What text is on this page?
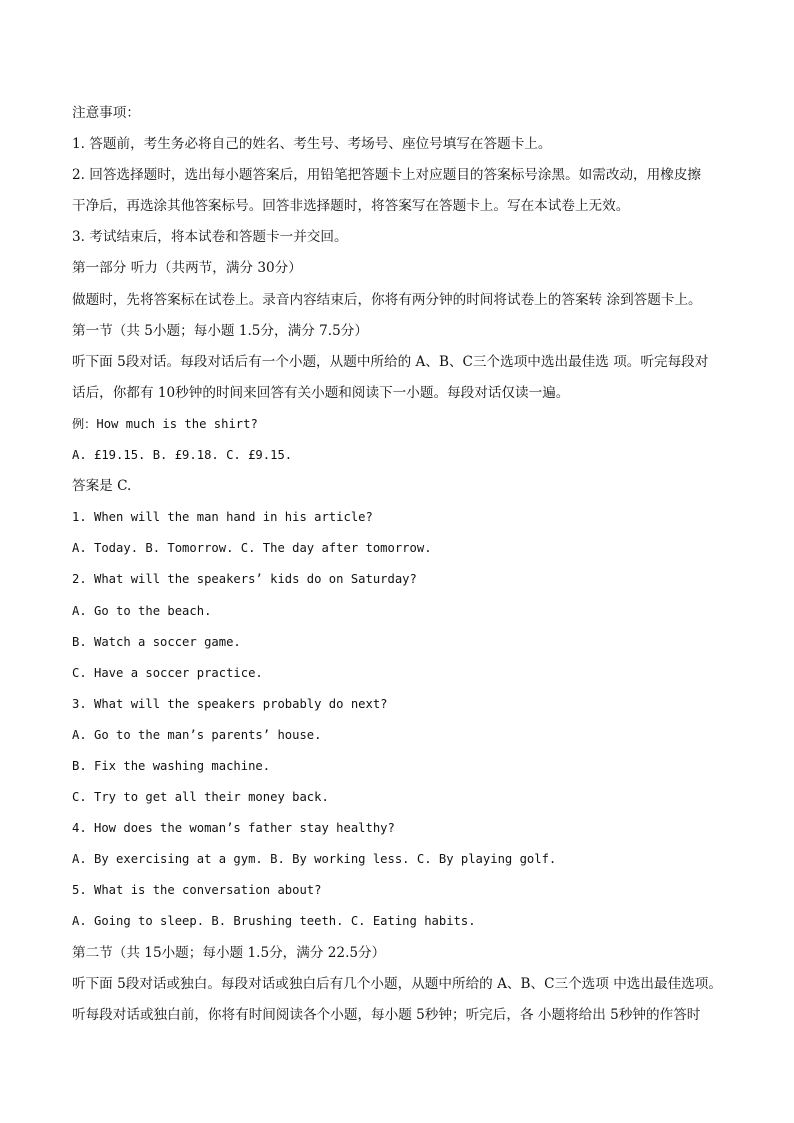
注意事项：
1. 答题前，考生务必将自己的姓名、考生号、考场号、座位号填写在答题卡上。
2. 回答选择题时，选出每小题答案后，用铅笔把答题卡上对应题目的答案标号涂黑。如需改动，用橡皮擦
干净后，再选涂其他答案标号。回答非选择题时，将答案写在答题卡上。写在本试卷上无效。
3. 考试结束后，将本试卷和答题卡一并交回。
第一部分 听力（共两节，满分 30分）
做题时，先将答案标在试卷上。录音内容结束后，你将有两分钟的时间将试卷上的答案转 涂到答题卡上。
第一节（共 5小题；每小题 1.5分，满分 7.5分）
听下面 5段对话。每段对话后有一个小题，从题中所给的 A、B、C三个选项中选出最佳选 项。听完每段对
话后，你都有 10秒钟的时间来回答有关小题和阅读下一小题。每段对话仅读一遍。
例：How much is the shirt?
A. £19.15. B. £9.18. C. £9.15.
答案是 C.
1. When will the man hand in his article?
A. Today. B. Tomorrow. C. The day after tomorrow.
2. What will the speakers’ kids do on Saturday?
A. Go to the beach.
B. Watch a soccer game.
C. Have a soccer practice.
3. What will the speakers probably do next?
A. Go to the man’s parents’ house.
B. Fix the washing machine.
C. Try to get all their money back.
4. How does the woman’s father stay healthy?
A. By exercising at a gym. B. By working less. C. By playing golf.
5. What is the conversation about?
A. Going to sleep. B. Brushing teeth. C. Eating habits.
第二节（共 15小题；每小题 1.5分，满分 22.5分）
听下面 5段对话或独白。每段对话或独白后有几个小题，从题中所给的 A、B、C三个选项 中选出最佳选项。
听每段对话或独白前，你将有时间阅读各个小题，每小题 5秒钟；听完后，各 小题将给出 5秒钟的作答时
